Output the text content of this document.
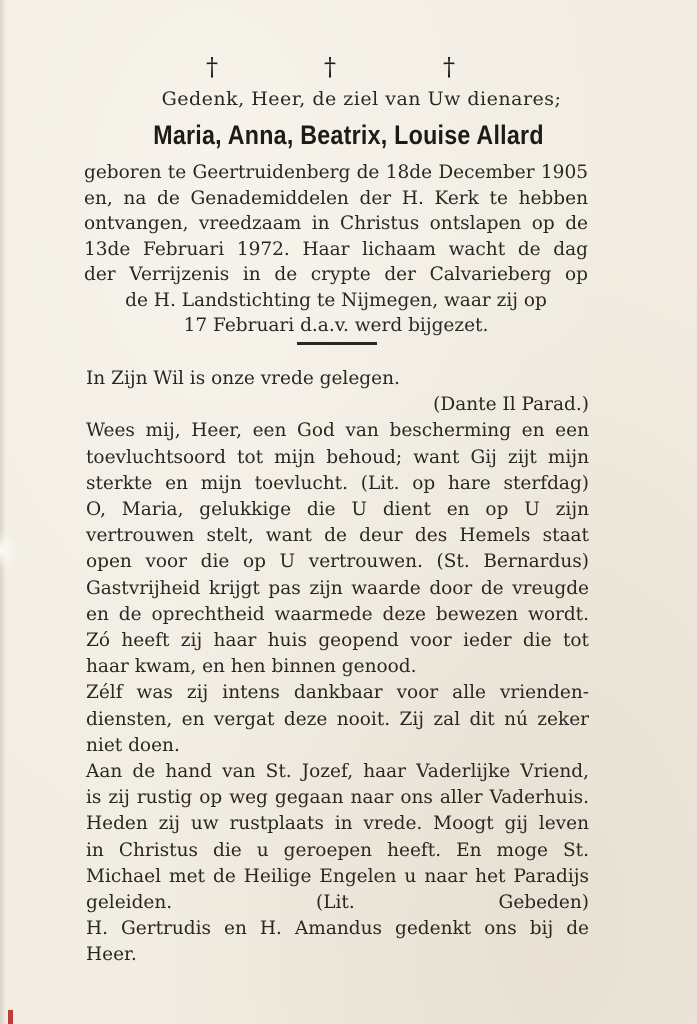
†	†	†
Gedenk, Heer, de ziel van Uw dienares;
Maria, Anna, Beatrix, Louise Allard
geboren te Geertruidenberg de 18de December 1905
en, na de Genademiddelen der H. Kerk te hebben
ontvangen, vreedzaam in Christus ontslapen op de
13de Februari 1972. Haar lichaam wacht de dag
der Verrijzenis in de crypte der Calvarieberg op
de H. Landstichting te Nijmegen, waar zij op
17 Februari d.a.v. werd bijgezet.
In Zijn Wil is onze vrede gelegen.
(Dante Il Parad.)
Wees mij, Heer, een God van bescherming en een
toevluchtsoord tot mijn behoud; want Gij zijt mijn
sterkte en mijn toevlucht. (Lit. op hare sterfdag)
O, Maria, gelukkige die U dient en op U zijn
vertrouwen stelt, want de deur des Hemels staat
open voor die op U vertrouwen. (St. Bernardus)
Gastvrijheid krijgt pas zijn waarde door de vreugde
en de oprechtheid waarmede deze bewezen wordt.
Zó heeft zij haar huis geopend voor ieder die tot
haar kwam, en hen binnen genood.
Zélf was zij intens dankbaar voor alle vrienden-
diensten, en vergat deze nooit. Zij zal dit nú zeker
niet doen.
Aan de hand van St. Jozef, haar Vaderlijke Vriend,
is zij rustig op weg gegaan naar ons aller Vaderhuis.
Heden zij uw rustplaats in vrede. Moogt gij leven
in Christus die u geroepen heeft. En moge St.
Michael met de Heilige Engelen u naar het Paradijs
geleiden. (Lit. Gebeden)
H. Gertrudis en H. Amandus gedenkt ons bij de
Heer.
